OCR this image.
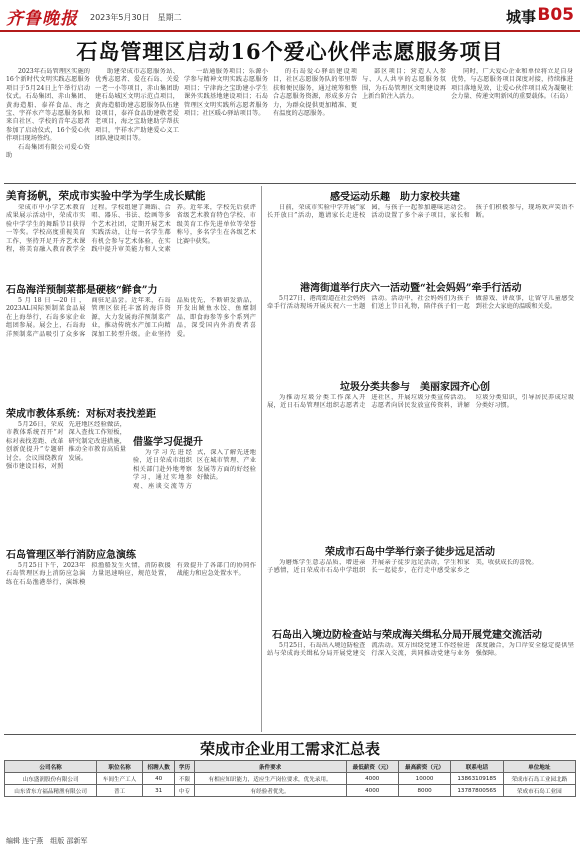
齐鲁晚报 2023年5月30日　星期二	城事 B05
石岛管理区启动16个爱心伙伴志愿服务项目

2023年石岛管理区实施的16个新时代文明实践志愿服务项目于5月24日上午举行启动仪式。石岛集团、赤山集团、黄海造船、泰祥食品、海之宝、宇祥水产等志愿服务队和来自社区、学校的青年志愿者参加了启动仪式，16个爱心伙伴项目现场签约。

石岛集团有限公司爱心资助

助建荣成市志愿服务站、优秀志愿者、爱在石岛、关爱一老一小等项目，赤山集团助建石岛城区文明示范点项目，黄海造船助建志愿服务队伍建设项目，泰祥食品助建敬老爱老项目，海之宝助建助学帮扶项目，宇祥水产助建爱心义工团队建设项目等。

一站通服务项目；乐源小学参与精神文明实践志愿服务项目；宁津海之宝助建小学生课外实践基地建设项目；石岛管理区文明实践所志愿者服务项目；社区暖心驿站项目等。

的石岛爱心驿站建设项目，社区志愿服务队的邻里帮扶和便民服务，通过统筹和整合志愿服务资源，形成多方合力，为群众提供更加精准、更有温度的志愿服务。

部区项目；营造人人参与、人人共享的志愿服务氛围，为石岛管理区文明建设再上新台阶注入活力。

同时，广大爱心企业和单位将立足自身优势，与志愿服务项目深度对接，持续推进项目落地见效，让爱心伙伴项目成为凝聚社会力量、传递文明新风的重要载体。（石岛）

美育扬帆，荣成市实验中学为学生成长赋能

荣成市中小学艺术教育成果展示活动中，荣成市实验中学学生的舞蹈节目获得一等奖。学校高度重视美育工作，坚持开足开齐艺术课程，将美育融入教育教学全过程。学校组建了舞蹈、合唱、器乐、书法、绘画等多个艺术社团，定期开展艺术实践活动，让每一名学生都有机会参与艺术体验，在实践中提升审美能力和人文素养。近年来，学校先后获评省级艺术教育特色学校、市级美育工作先进单位等荣誉称号，多名学生在各级艺术比赛中获奖。

石岛海洋预制菜都是硬核“鲜食”力

5月18日—20日，2023AL国际预制菜食品展在上海举行，石岛多家企业组团参展。展会上，石岛海洋预制菜产品吸引了众多客商驻足品尝。近年来，石岛管理区依托丰富的海洋资源，大力发展海洋预制菜产业，推动传统水产加工向精深加工转型升级。企业坚持品质优先，不断研发新品，开发出鲅鱼水饺、鱼糜制品、即食海参等多个系列产品，深受国内外消费者喜爱。

荣成市教体系统：对标对表找差距

5月26日，荣成市教体系统召开“对标对表找差距、改革创新促提升”专题研讨会。会议围绕教育强市建设目标，对照先进地区经验做法，深入查找工作短板，研究制定改进措施，推动全市教育高质量发展。

借鉴学习促提升

为学习先进经验，近日荣成市组织相关部门赴外地考察学习，通过实地参观、座谈交流等方式，深入了解先进地区在城市管理、产业发展等方面的好经验好做法。

石岛管理区举行消防应急演练

5月25日下午，2023年石岛管理区海上消防应急演练在石岛渔港举行，演练模拟渔船发生火情，消防救援力量迅速响应，规范处置，有效提升了各部门的协同作战能力和应急处置水平。

感受运动乐趣　助力家校共建

日前，荣成市实验中学开展“家长开放日”活动，邀请家长走进校园，与孩子一起参加趣味运动会。活动设置了多个亲子项目，家长和孩子们积极参与，现场欢声笑语不断。

港湾街道举行庆六一活动暨“社会妈妈”牵手行活动

5月27日，港湾街道在社会妈妈牵手行活动现场开展庆祝六一主题活动。活动中，社会妈妈们为孩子们送上节日礼物，陪伴孩子们一起做游戏、讲故事，让留守儿童感受到社会大家庭的温暖和关爱。

垃圾分类共参与　美丽家园齐心创

为推动垃圾分类工作深入开展，近日石岛管理区组织志愿者走进社区，开展垃圾分类宣传活动。志愿者向居民发放宣传资料，讲解垃圾分类知识，引导居民养成垃圾分类好习惯。

荣成市石岛中学举行亲子徒步远足活动

为磨炼学生意志品质，增进亲子感情，近日荣成市石岛中学组织开展亲子徒步远足活动，学生和家长一起徒步，在行走中感受家乡之美，收获成长的喜悦。

石岛出入境边防检查站与荣成海关缉私分局开展党建交流活动

5月25日，石岛出入境边防检查站与荣成海关缉私分局开展党建交流活动。双方围绕党建工作经验进行深入交流，共同推动党建与业务深度融合，为口岸安全稳定提供坚强保障。

荣成市企业用工需求汇总表
公司名称	职位名称	招聘人数	学历	条件要求	最低薪资（元）	最高薪资（元）	联系电话	单位地址
山东盛润股份有限公司	车间生产工人	40	不限	有相应知识能力，适应生产岗位要求，优先录用。	4000	10000	13863109185	荣成市石岛工业园北路
山东省东方福品精渔有限公司	普工	31	中专	有经验者优先。	4000	8000	13787800565	荣成市石岛工业园
编辑 连宁燕　组版 邵新军
